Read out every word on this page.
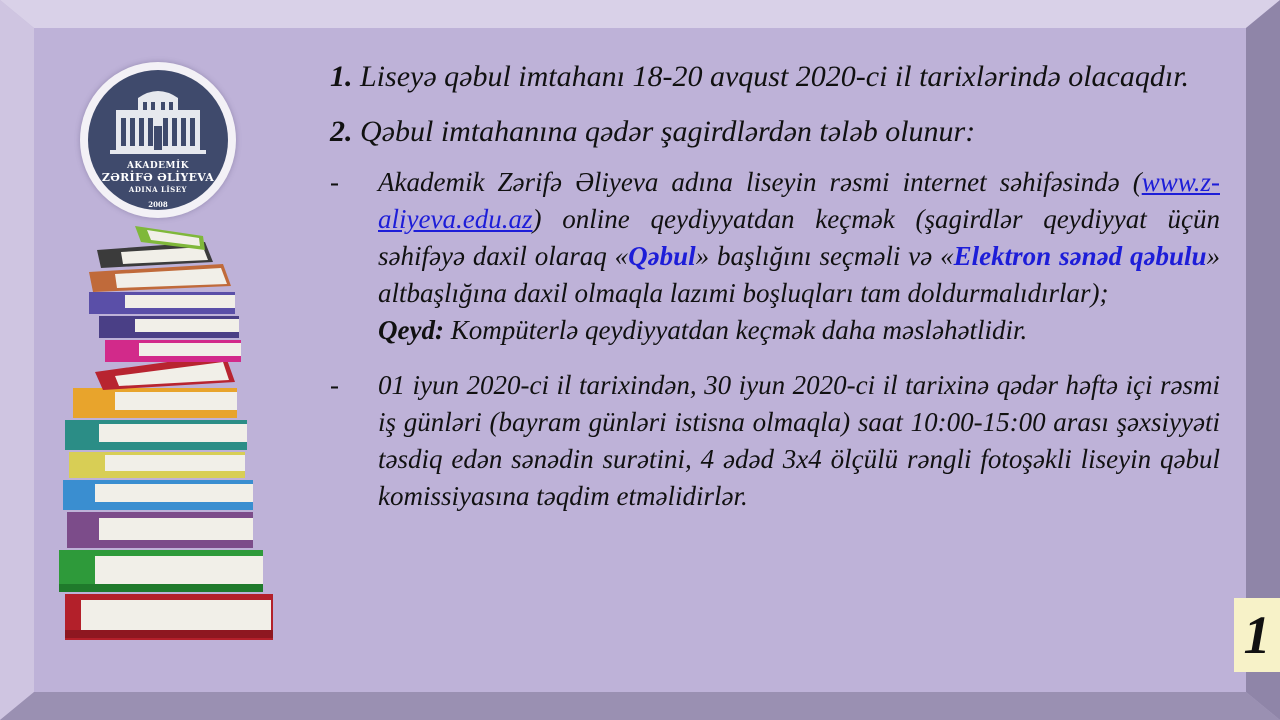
AKADEMİK
ZƏRİFƏ ƏLİYEVA
ADINA LİSEY
2008

1. Liseyə qəbul imtahanı 18-20 avqust 2020-ci il tarixlərində olacaqdır.

2. Qəbul imtahanına qədər şagirdlərdən tələb olunur:

- Akademik Zərifə Əliyeva adına liseyin rəsmi internet səhifəsində (www.z-aliyeva.edu.az) online qeydiyyatdan keçmək (şagirdlər qeydiyyat üçün səhifəyə daxil olaraq «Qəbul» başlığını seçməli və «Elektron sənəd qəbulu» altbaşlığına daxil olmaqla lazımi boşluqları tam doldurmalıdırlar);
Qeyd: Kompüterlə qeydiyyatdan keçmək daha məsləhətlidir.
- 01 iyun 2020-ci il tarixindən, 30 iyun 2020-ci il tarixinə qədər həftə içi rəsmi iş günləri (bayram günləri istisna olmaqla) saat 10:00-15:00 arası şəxsiyyəti təsdiq edən sənədin surətini, 4 ədəd 3x4 ölçülü rəngli fotoşəkli liseyin qəbul komissiyasına təqdim etməlidirlər.
1
